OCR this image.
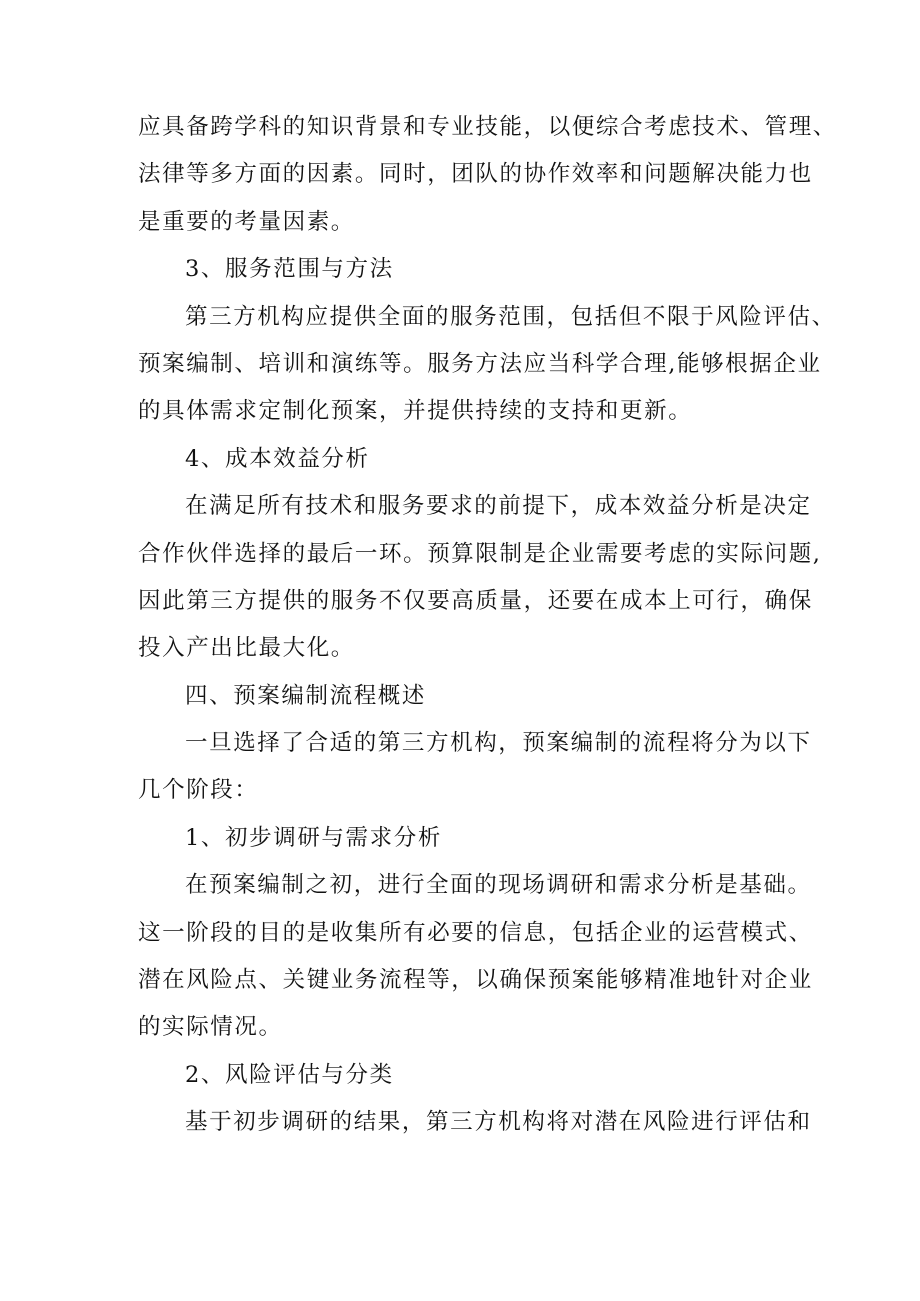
应具备跨学科的知识背景和专业技能，以便综合考虑技术、管理、

法律等多方面的因素。同时，团队的协作效率和问题解决能力也

是重要的考量因素。

3、服务范围与方法

第三方机构应提供全面的服务范围，包括但不限于风险评估、

预案编制、培训和演练等。服务方法应当科学合理,能够根据企业

的具体需求定制化预案，并提供持续的支持和更新。

4、成本效益分析

在满足所有技术和服务要求的前提下，成本效益分析是决定

合作伙伴选择的最后一环。预算限制是企业需要考虑的实际问题,

因此第三方提供的服务不仅要高质量，还要在成本上可行，确保

投入产出比最大化。

四、预案编制流程概述

一旦选择了合适的第三方机构，预案编制的流程将分为以下

几个阶段：

1、初步调研与需求分析

在预案编制之初，进行全面的现场调研和需求分析是基础。

这一阶段的目的是收集所有必要的信息，包括企业的运营模式、

潜在风险点、关键业务流程等，以确保预案能够精准地针对企业

的实际情况。

2、风险评估与分类

基于初步调研的结果，第三方机构将对潜在风险进行评估和
